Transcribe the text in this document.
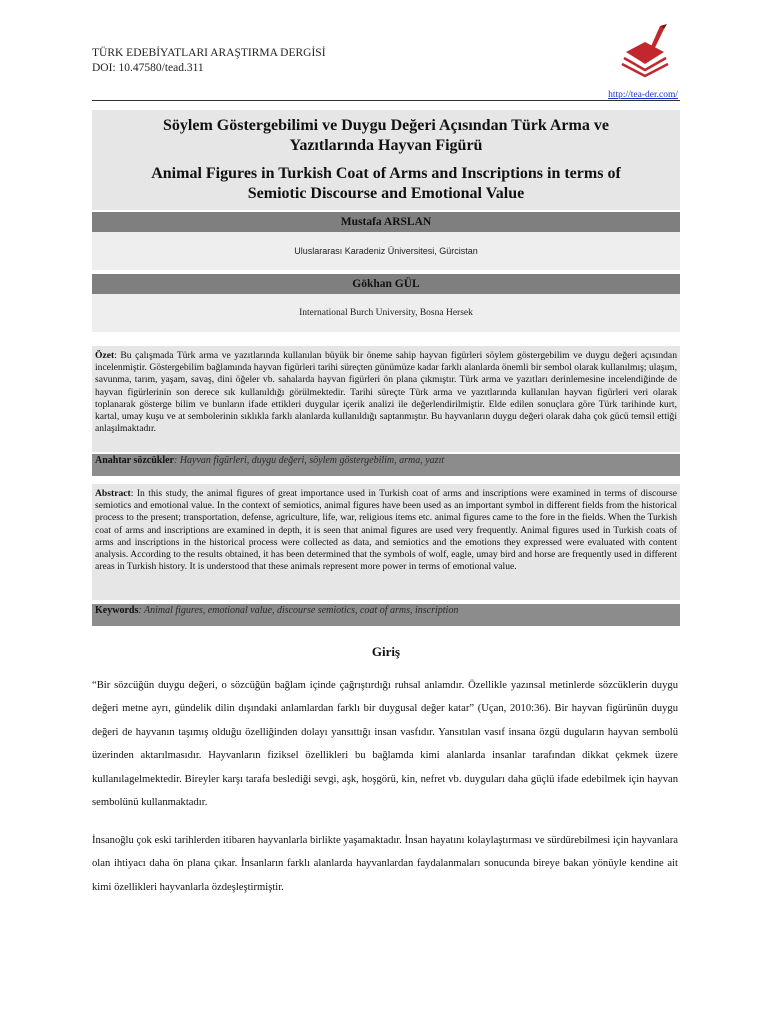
TÜRK EDEBİYATLARI ARAŞTIRMA DERGİSİ
DOI: 10.47580/tead.311
http://tea-der.com/
Söylem Göstergebilimi ve Duygu Değeri Açısından Türk Arma ve Yazıtlarında Hayvan Figürü
Animal Figures in Turkish Coat of Arms and Inscriptions in terms of Semiotic Discourse and Emotional Value
Mustafa ARSLAN
Uluslararası Karadeniz Üniversitesi, Gürcistan
Gökhan GÜL
International Burch University, Bosna Hersek
Özet: Bu çalışmada Türk arma ve yazıtlarında kullanılan büyük bir öneme sahip hayvan figürleri söylem göstergebilim ve duygu değeri açısından incelenmiştir. Göstergebilim bağlamında hayvan figürleri tarihi süreçten günümüze kadar farklı alanlarda önemli bir sembol olarak kullanılmış; ulaşım, savunma, tarım, yaşam, savaş, dini öğeler vb. sahalarda hayvan figürleri ön plana çıkmıştır. Türk arma ve yazıtları derinlemesine incelendiğinde de hayvan figürlerinin son derece sık kullanıldığı görülmektedir. Tarihi süreçte Türk arma ve yazıtlarında kullanılan hayvan figürleri veri olarak toplanarak gösterge bilim ve bunların ifade ettikleri duygular içerik analizi ile değerlendirilmiştir. Elde edilen sonuçlara göre Türk tarihinde kurt, kartal, umay kuşu ve at sembolerinin sıklıkla farklı alanlarda kullanıldığı saptanmıştır. Bu hayvanların duygu değeri olarak daha çok gücü temsil ettiği anlaşılmaktadır.
Anahtar sözcükler: Hayvan figürleri, duygu değeri, söylem göstergebilim, arma, yazıt
Abstract: In this study, the animal figures of great importance used in Turkish coat of arms and inscriptions were examined in terms of discourse semiotics and emotional value. In the context of semiotics, animal figures have been used as an important symbol in different fields from the historical process to the present; transportation, defense, agriculture, life, war, religious items etc. animal figures came to the fore in the fields. When the Turkish coat of arms and inscriptions are examined in depth, it is seen that animal figures are used very frequently. Animal figures used in Turkish coats of arms and inscriptions in the historical process were collected as data, and semiotics and the emotions they expressed were evaluated with content analysis. According to the results obtained, it has been determined that the symbols of wolf, eagle, umay bird and horse are frequently used in different areas in Turkish history. It is understood that these animals represent more power in terms of emotional value.
Keywords: Animal figures, emotional value, discourse semiotics, coat of arms, inscription
Giriş
“Bir sözcüğün duygu değeri, o sözcüğün bağlam içinde çağrıştırdığı ruhsal anlamdır. Özellikle yazınsal metinlerde sözcüklerin duygu değeri metne ayrı, gündelik dilin dışındaki anlamlardan farklı bir duygusal değer katar” (Uçan, 2010:36). Bir hayvan figürünün duygu değeri de hayvanın taşımış olduğu özelliğinden dolayı yansıttığı insan vasfıdır. Yansıtılan vasıf insana özgü duguların hayvan sembolü üzerinden aktarılmasıdır. Hayvanların fiziksel özellikleri bu bağlamda kimi alanlarda insanlar tarafından dikkat çekmek üzere kullanılagelmektedir. Bireyler karşı tarafa beslediği sevgi, aşk, hoşgörü, kin, nefret vb. duyguları daha güçlü ifade edebilmek için hayvan sembolünü kullanmaktadır.
İnsanoğlu çok eski tarihlerden itibaren hayvanlarla birlikte yaşamaktadır. İnsan hayatını kolaylaştırması ve sürdürebilmesi için hayvanlara olan ihtiyacı daha ön plana çıkar. İnsanların farklı alanlarda hayvanlardan faydalanmaları sonucunda bireye bakan yönüyle kendine ait kimi özellikleri hayvanlarla özdeşleştirmiştir.
